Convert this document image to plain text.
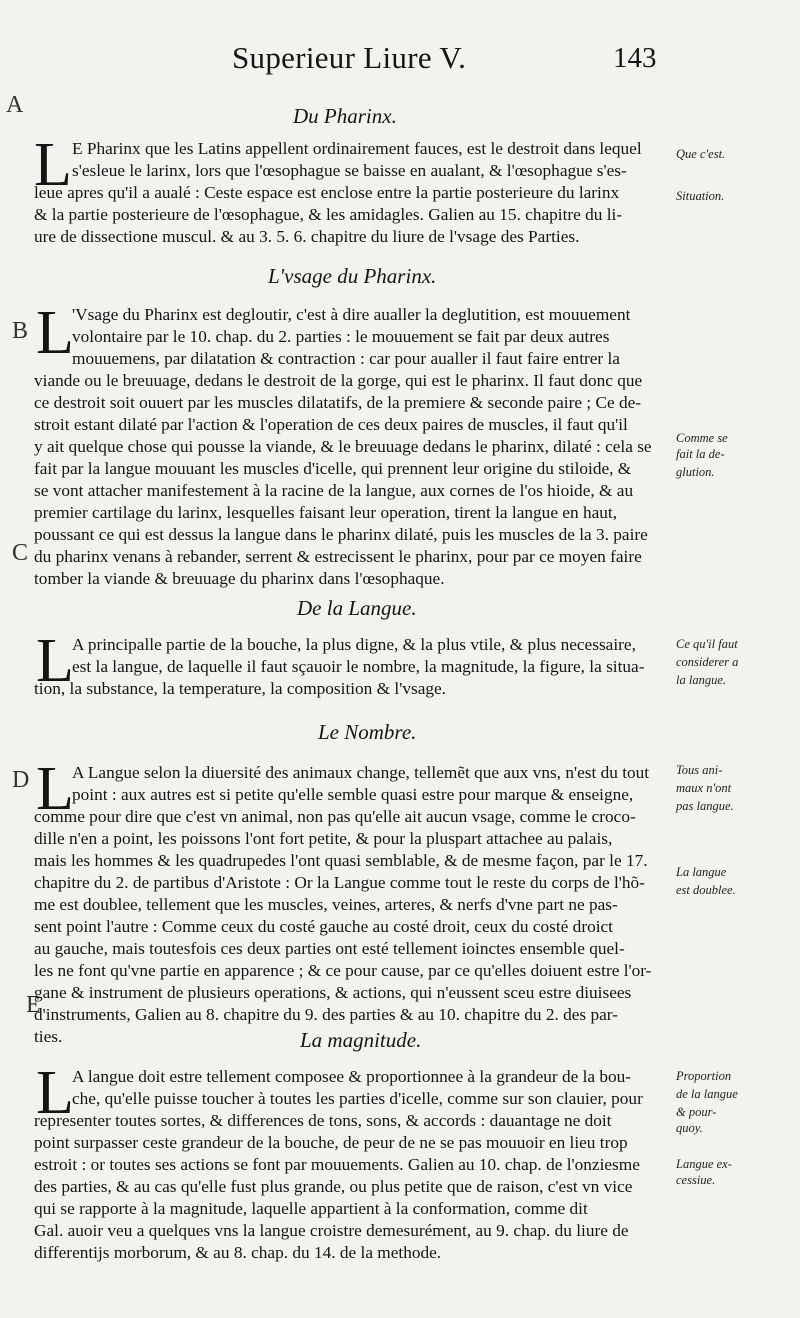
Superieur Liure V.	143
A
B
C
D
E
Du Pharinx.
L E Pharinx que les Latins appellent ordinairement fauces, est le destroit dans lequel
s'esleue le larinx, lors que l'œsophague se baisse en aualant, & l'œsophague s'es-
leue apres qu'il a aualé : Ceste espace est enclose entre la partie posterieure du larinx
& la partie posterieure de l'œsophague, & les amidagles. Galien au 15. chapitre du li-
ure de dissectione muscul. & au 3. 5. 6. chapitre du liure de l'vsage des Parties.
L'vsage du Pharinx.
L
'Vsage du Pharinx est degloutir, c'est à dire aualler la deglutition, est mouuement
volontaire par le 10. chap. du 2. parties : le mouuement se fait par deux autres
mouuemens, par dilatation & contraction : car pour aualler il faut faire entrer la
viande ou le breuuage, dedans le destroit de la gorge, qui est le pharinx. Il faut donc que
ce destroit soit ouuert par les muscles dilatatifs, de la premiere & seconde paire ; Ce de-
stroit estant dilaté par l'action & l'operation de ces deux paires de muscles, il faut qu'il
y ait quelque chose qui pousse la viande, & le breuuage dedans le pharinx, dilaté : cela se
fait par la langue mouuant les muscles d'icelle, qui prennent leur origine du stiloide, &
se vont attacher manifestement à la racine de la langue, aux cornes de l'os hioide, & au
premier cartilage du larinx, lesquelles faisant leur operation, tirent la langue en haut,
poussant ce qui est dessus la langue dans le pharinx dilaté, puis les muscles de la 3. paire
du pharinx venans à rebander, serrent & estrecissent le pharinx, pour par ce moyen faire
tomber la viande & breuuage du pharinx dans l'œsophaque.
De la Langue.
L
A principalle partie de la bouche, la plus digne, & la plus vtile, & plus necessaire,
est la langue, de laquelle il faut sçauoir le nombre, la magnitude, la figure, la situa-
tion, la substance, la temperature, la composition & l'vsage.
Le Nombre.
L
A Langue selon la diuersité des animaux change, tellemẽt que aux vns, n'est du tout
point : aux autres est si petite qu'elle semble quasi estre pour marque & enseigne,
comme pour dire que c'est vn animal, non pas qu'elle ait aucun vsage, comme le croco-
dille n'en a point, les poissons l'ont fort petite, & pour la pluspart attachee au palais,
mais les hommes & les quadrupedes l'ont quasi semblable, & de mesme façon, par le 17.
chapitre du 2. de partibus d'Aristote : Or la Langue comme tout le reste du corps de l'hõ-
me est doublee, tellement que les muscles, veines, arteres, & nerfs d'vne part ne pas-
sent point l'autre : Comme ceux du costé gauche au costé droit, ceux du costé droict
au gauche, mais toutesfois ces deux parties ont esté tellement ioinctes ensemble quel-
les ne font qu'vne partie en apparence ; & ce pour cause, par ce qu'elles doiuent estre l'or-
gane & instrument de plusieurs operations, & actions, qui n'eussent sceu estre diuisees
d'instruments, Galien au 8. chapitre du 9. des parties & au 10. chapitre du 2. des par-
ties.	La magnitude.
L
A langue doit estre tellement composee & proportionnee à la grandeur de la bou-
che, qu'elle puisse toucher à toutes les parties d'icelle, comme sur son clauier, pour
representer toutes sortes, & differences de tons, sons, & accords : dauantage ne doit
point surpasser ceste grandeur de la bouche, de peur de ne se pas mouuoir en lieu trop
estroit : or toutes ses actions se font par mouuements. Galien au 10. chap. de l'onziesme
des parties, & au cas qu'elle fust plus grande, ou plus petite que de raison, c'est vn vice
qui se rapporte à la magnitude, laquelle appartient à la conformation, comme dit
Gal. auoir veu a quelques vns la langue croistre demesurément, au 9. chap. du liure de
differentijs morborum, & au 8. chap. du 14. de la methode.
Que c'est.
Situation.
Comme se
fait la de-
glution.
Ce qu'il faut
considerer a
la langue.
Tous ani-
maux n'ont
pas langue.
La langue
est doublee.
Proportion
de la langue
& pour-
quoy.
Langue ex-
cessiue.
